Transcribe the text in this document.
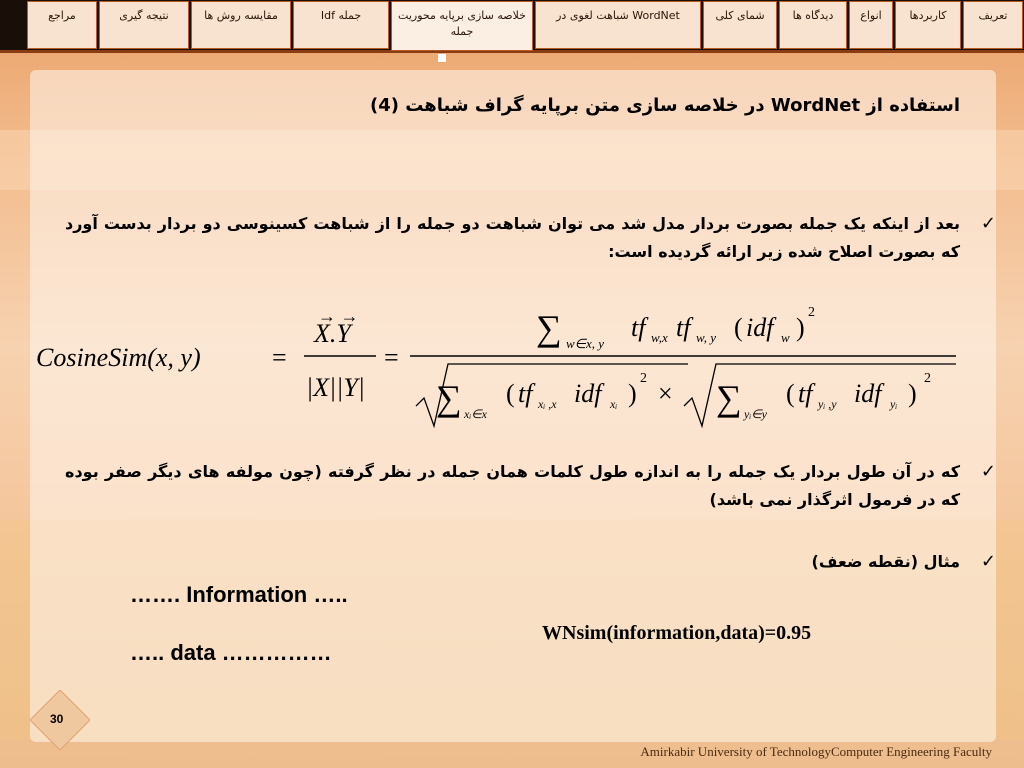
تعریف
کاربردها
انواع
دیدگاه ها
شمای کلی
شباهت لغوی در WordNet
خلاصه سازی برپایه محوریت جمله
Idf جمله
مقایسه روش ها
نتیجه گیری
مراجع
استفاده از WordNet در خلاصه سازی متن برپایه گراف شباهت (4)
✓
بعد از اینکه یک جمله بصورت بردار مدل شد می توان شباهت دو جمله را از شباهت کسینوسی دو بردار بدست آورد که بصورت اصلاح شده زیر ارائه گردیده است:
CosineSim(x, y)	=
X.Y
→ →
|X||Y|
=
∑ w∈x, y
tf w,x tf w, y ( idf w )
2
∑ xᵢ∈x
( tf xᵢ ,x idf xᵢ )
2
× ∑ yᵢ∈y
( tf yᵢ ,y idf yᵢ )
2
✓
که در آن طول بردار یک جمله را به اندازه طول کلمات همان جمله در نظر گرفته (چون مولفه های دیگر صفر بوده که در فرمول اثرگذار نمی باشد)
✓
مثال (نقطه ضعف)
……. Information …..
….. data ……………
WNsim(information,data)=0.95
30
Amirkabir University of TechnologyComputer Engineering Faculty
